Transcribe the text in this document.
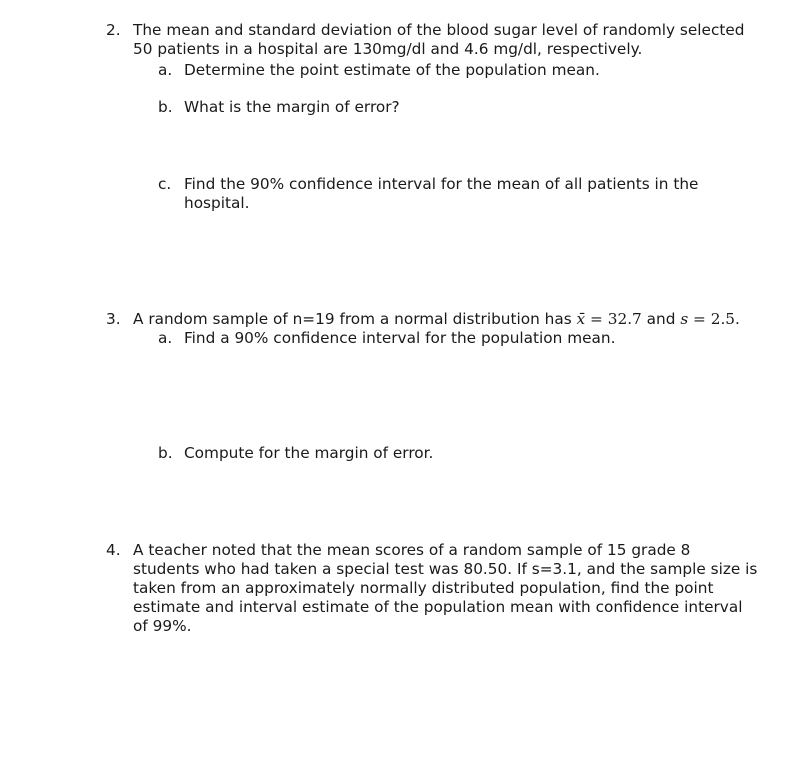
2. The mean and standard deviation of the blood sugar level of randomly selected
50 patients in a hospital are 130mg/dl and 4.6 mg/dl, respectively.
a. Determine the point estimate of the population mean.
b. What is the margin of error?
c. Find the 90% confidence interval for the mean of all patients in the
hospital.
3. A random sample of n=19 from a normal distribution has x̄ = 32.7 and s = 2.5.
a. Find a 90% confidence interval for the population mean.
b. Compute for the margin of error.
4. A teacher noted that the mean scores of a random sample of 15 grade 8
students who had taken a special test was 80.50. If s=3.1, and the sample size is
taken from an approximately normally distributed population, find the point
estimate and interval estimate of the population mean with confidence interval
of 99%.
